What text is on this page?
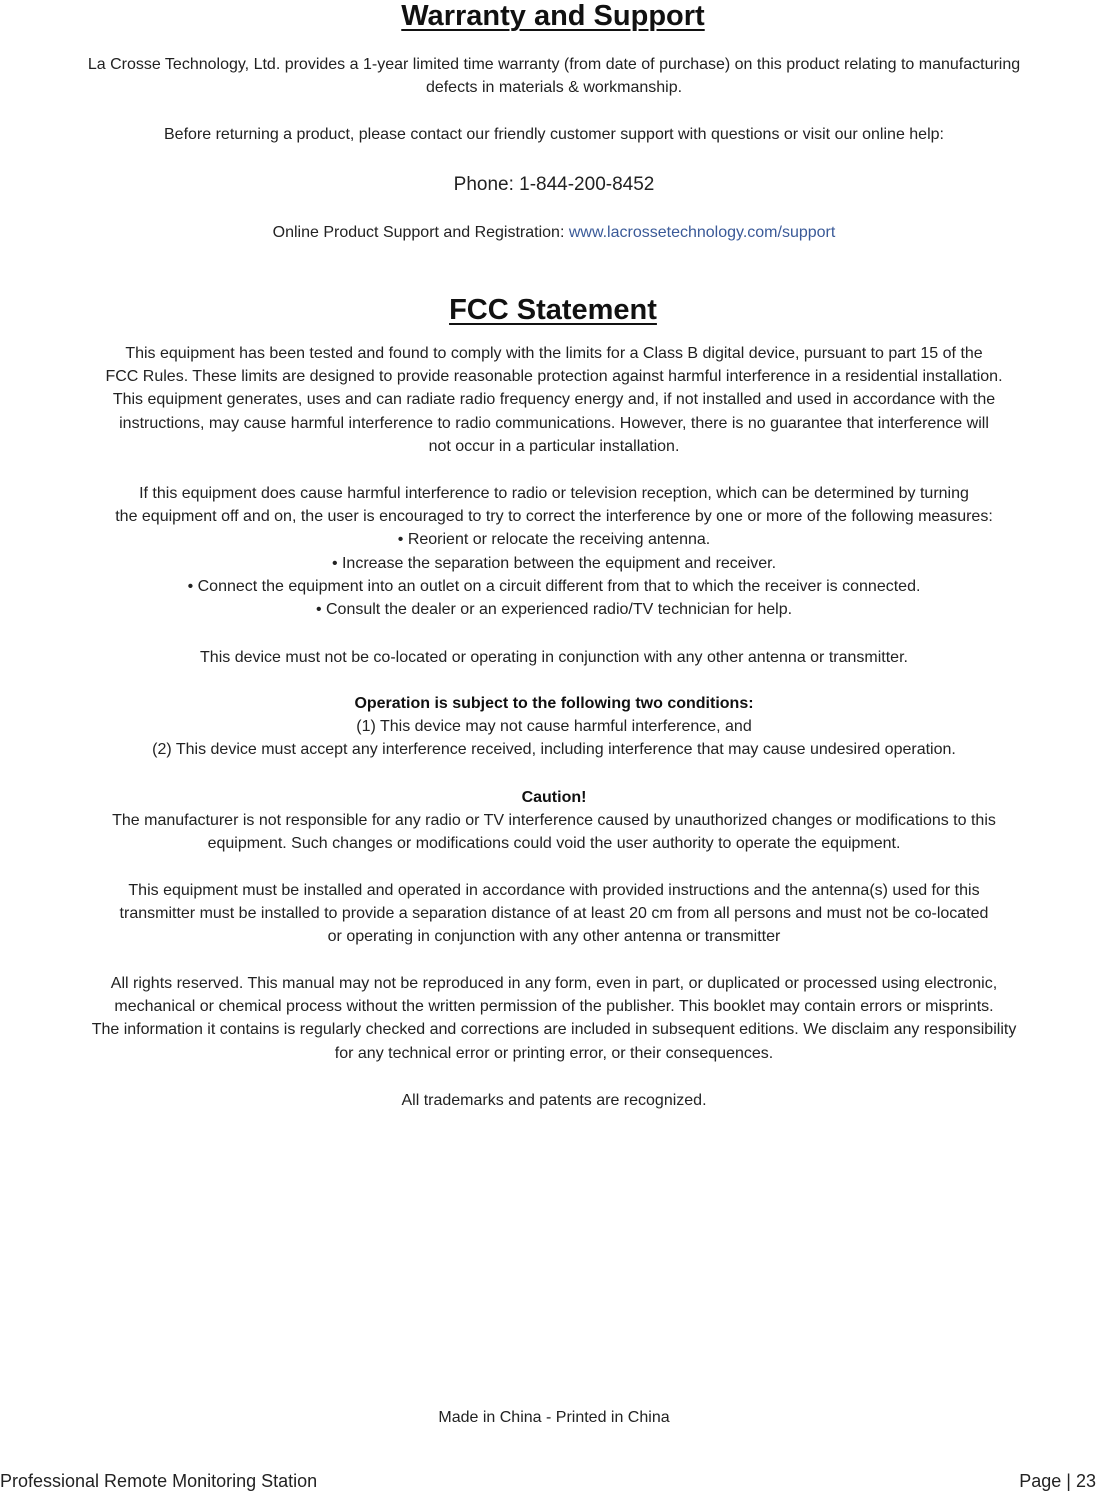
Warranty and Support

La Crosse Technology, Ltd. provides a 1-year limited time warranty (from date of purchase) on this product relating to manufacturing
defects in materials & workmanship.

Before returning a product, please contact our friendly customer support with questions or visit our online help:

Phone: 1-844-200-8452

Online Product Support and Registration: www.lacrossetechnology.com/support

FCC Statement

This equipment has been tested and found to comply with the limits for a Class B digital device, pursuant to part 15 of the
FCC Rules. These limits are designed to provide reasonable protection against harmful interference in a residential installation.
This equipment generates, uses and can radiate radio frequency energy and, if not installed and used in accordance with the
instructions, may cause harmful interference to radio communications. However, there is no guarantee that interference will
not occur in a particular installation.

If this equipment does cause harmful interference to radio or television reception, which can be determined by turning
the equipment off and on, the user is encouraged to try to correct the interference by one or more of the following measures:
• Reorient or relocate the receiving antenna.
• Increase the separation between the equipment and receiver.
• Connect the equipment into an outlet on a circuit different from that to which the receiver is connected.
• Consult the dealer or an experienced radio/TV technician for help.

This device must not be co-located or operating in conjunction with any other antenna or transmitter.

Operation is subject to the following two conditions:
(1) This device may not cause harmful interference, and
(2) This device must accept any interference received, including interference that may cause undesired operation.

Caution!
The manufacturer is not responsible for any radio or TV interference caused by unauthorized changes or modifications to this
equipment. Such changes or modifications could void the user authority to operate the equipment.

This equipment must be installed and operated in accordance with provided instructions and the antenna(s) used for this
transmitter must be installed to provide a separation distance of at least 20 cm from all persons and must not be co-located
or operating in conjunction with any other antenna or transmitter

All rights reserved. This manual may not be reproduced in any form, even in part, or duplicated or processed using electronic,
mechanical or chemical process without the written permission of the publisher. This booklet may contain errors or misprints.
The information it contains is regularly checked and corrections are included in subsequent editions. We disclaim any responsibility
for any technical error or printing error, or their consequences.

All trademarks and patents are recognized.

Made in China - Printed in China

Professional Remote Monitoring Station	Page | 23
